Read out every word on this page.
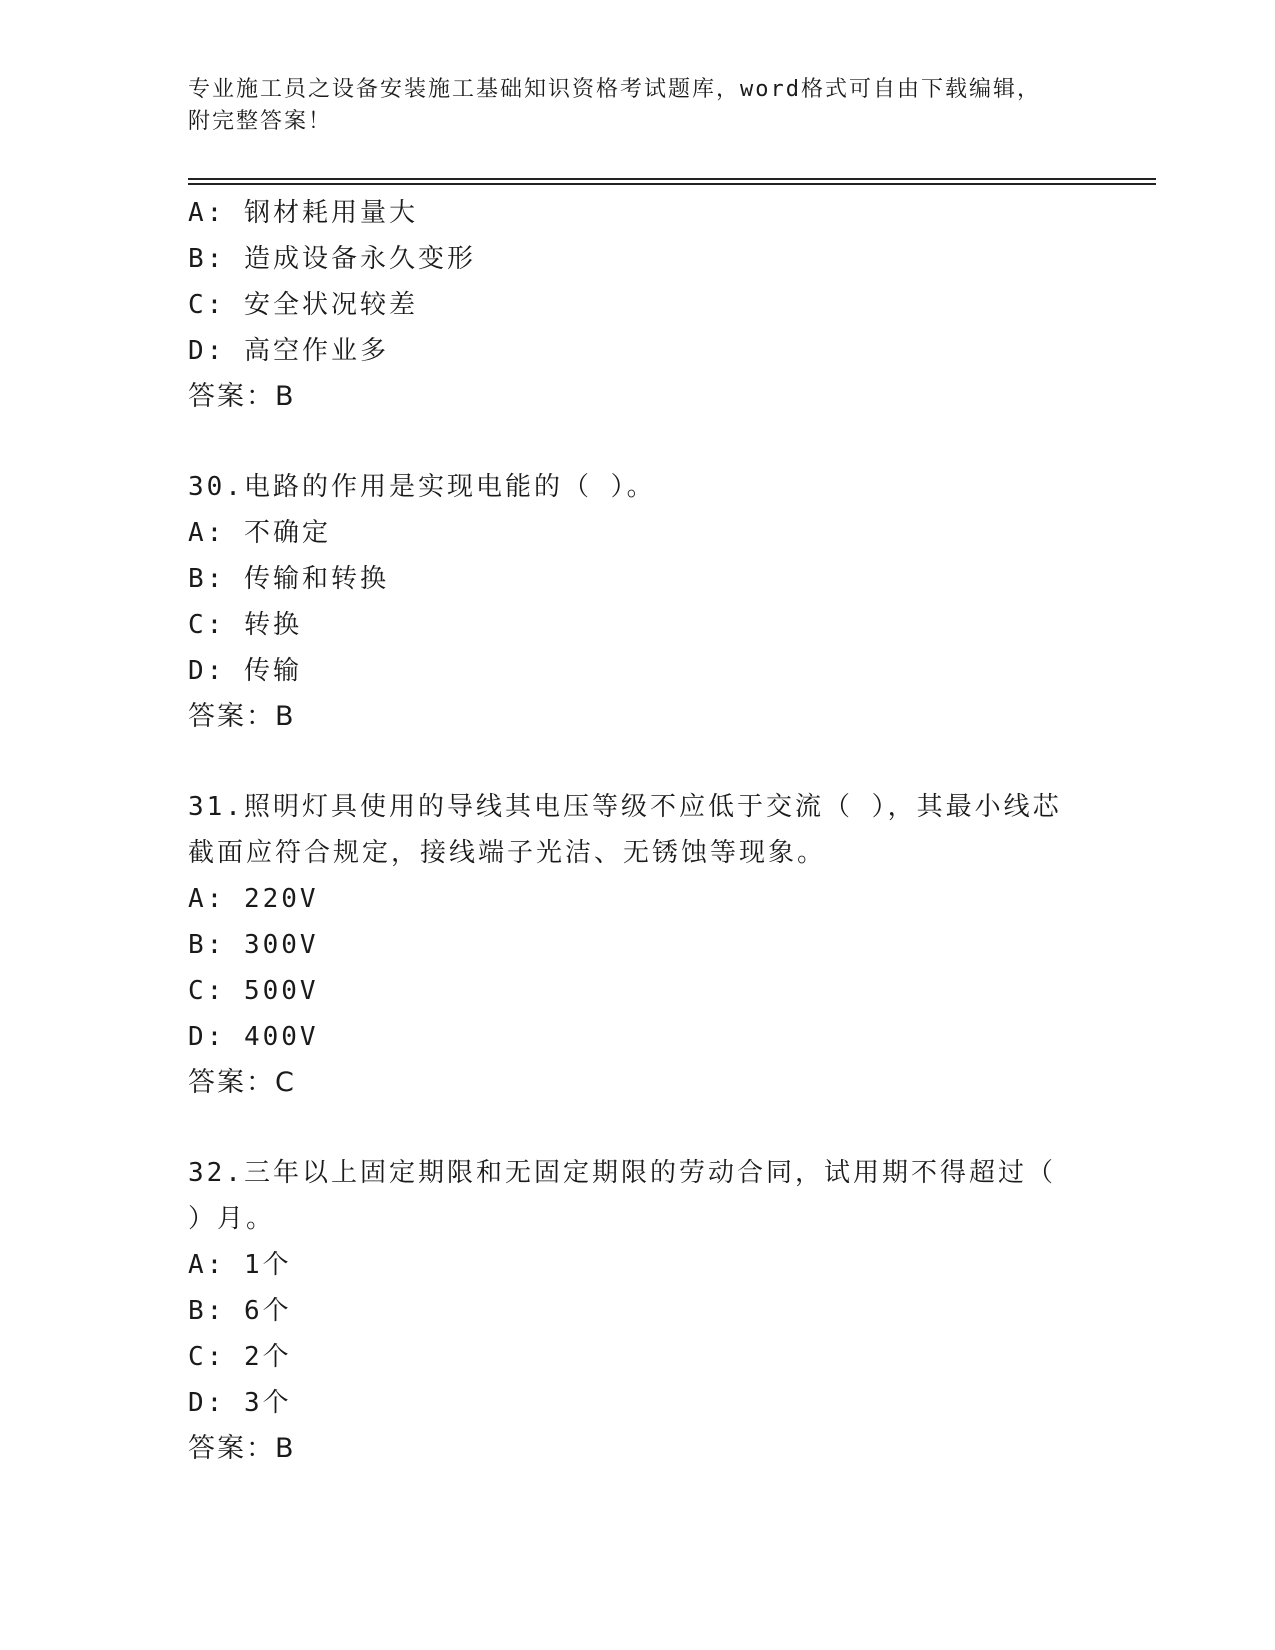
专业施工员之设备安装施工基础知识资格考试题库，word格式可自由下载编辑，
附完整答案！
A: 钢材耗用量大
B: 造成设备永久变形
C: 安全状况较差
D: 高空作业多
答案：B
30.电路的作用是实现电能的（ ）。
A: 不确定
B: 传输和转换
C: 转换
D: 传输
答案：B
31.照明灯具使用的导线其电压等级不应低于交流（ ），其最小线芯
截面应符合规定，接线端子光洁、无锈蚀等现象。
A: 220V
B: 300V
C: 500V
D: 400V
答案：C
32.三年以上固定期限和无固定期限的劳动合同，试用期不得超过（
）月。
A: 1个
B: 6个
C: 2个
D: 3个
答案：B
